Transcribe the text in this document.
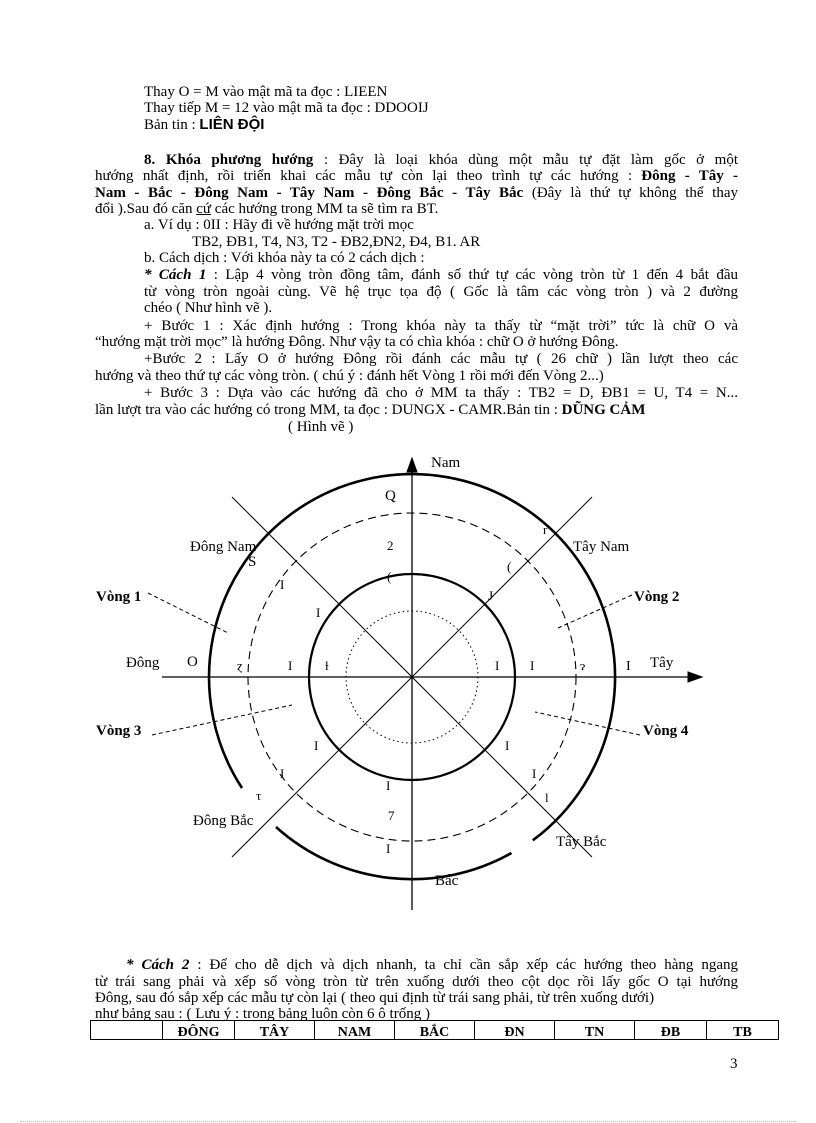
Thay O = M vào mật mã ta đọc : LIEEN
Thay tiếp M = 12 vào mật mã ta đọc : DDOOIJ
Bản tin : LIÊN ĐỘI
8. Khóa phương hướng : Đây là loại khóa dùng một mẫu tự đặt làm gốc ở một
hướng nhất định, rồi triển khai các mẫu tự còn lại theo trình tự các hướng : Đông - Tây -
Nam - Bắc - Đông Nam - Tây Nam - Đông Bắc - Tây Bắc (Đây là thứ tự không thể thay
đổi ).Sau đó căn cứ các hướng trong MM ta sẽ tìm ra BT.
a. Ví dụ : 0II : Hãy đi về hướng mặt trời mọc
TB2, ĐB1, T4, N3, T2 - ĐB2,ĐN2, Đ4, B1. AR
b. Cách dịch : Với khóa này ta có 2 cách dịch :
* Cách 1 : Lập 4 vòng tròn đồng tâm, đánh số thứ tự các vòng tròn từ 1 đến 4 bắt đầu
từ vòng tròn ngoài cùng. Vẽ hệ trục tọa độ ( Gốc là tâm các vòng tròn ) và 2 đường
chéo ( Như hình vẽ ).
+ Bước 1 : Xác định hướng : Trong khóa này ta thấy từ “mặt trời” tức là chữ O và
“hướng mặt trời mọc” là hướng Đông. Như vậy ta có chìa khóa : chữ O ở hướng Đông.
+Bước 2 : Lấy O ở hướng Đông rồi đánh các mẫu tự ( 26 chữ ) lần lượt theo các
hướng và theo thứ tự các vòng tròn. ( chú ý : đánh hết Vòng 1 rồi mới đến Vòng 2...)
+ Bước 3 : Dựa vào các hướng đã cho ở MM ta thấy : TB2 = D, ĐB1 = U, T4 = N...
lần lượt tra vào các hướng có trong MM, ta đọc : DUNGX - CAMR.Bản tin : DŨNG CẢM
( Hình vẽ )
2
(
I
I
J
(
r
ɀ	I	ɫ	I I	ɂ
I	I
I	I
I
τ	l
7
I
Nam
Q
Đông Nam
S
Tây Nam
Đông O	I Tây
Đông Bắc
Tây Bắc
Bắc
Vòng 1	Vòng 2
Vòng 3	Vòng 4
* Cách 2 : Để cho dễ dịch và dịch nhanh, ta chỉ cần sắp xếp các hướng theo hàng ngang
từ trái sang phải và xếp số vòng tròn từ trên xuống dưới theo cột dọc rồi lấy gốc O tại hướng
Đông, sau đó sắp xếp các mẫu tự còn lại ( theo qui định từ trái sang phải, từ trên xuống dưới)
như bảng sau : ( Lưu ý : trong bảng luôn còn 6 ô trống )
	ĐÔNG	TÂY	NAM	BẮC	ĐN	TN	ĐB	TB
3
